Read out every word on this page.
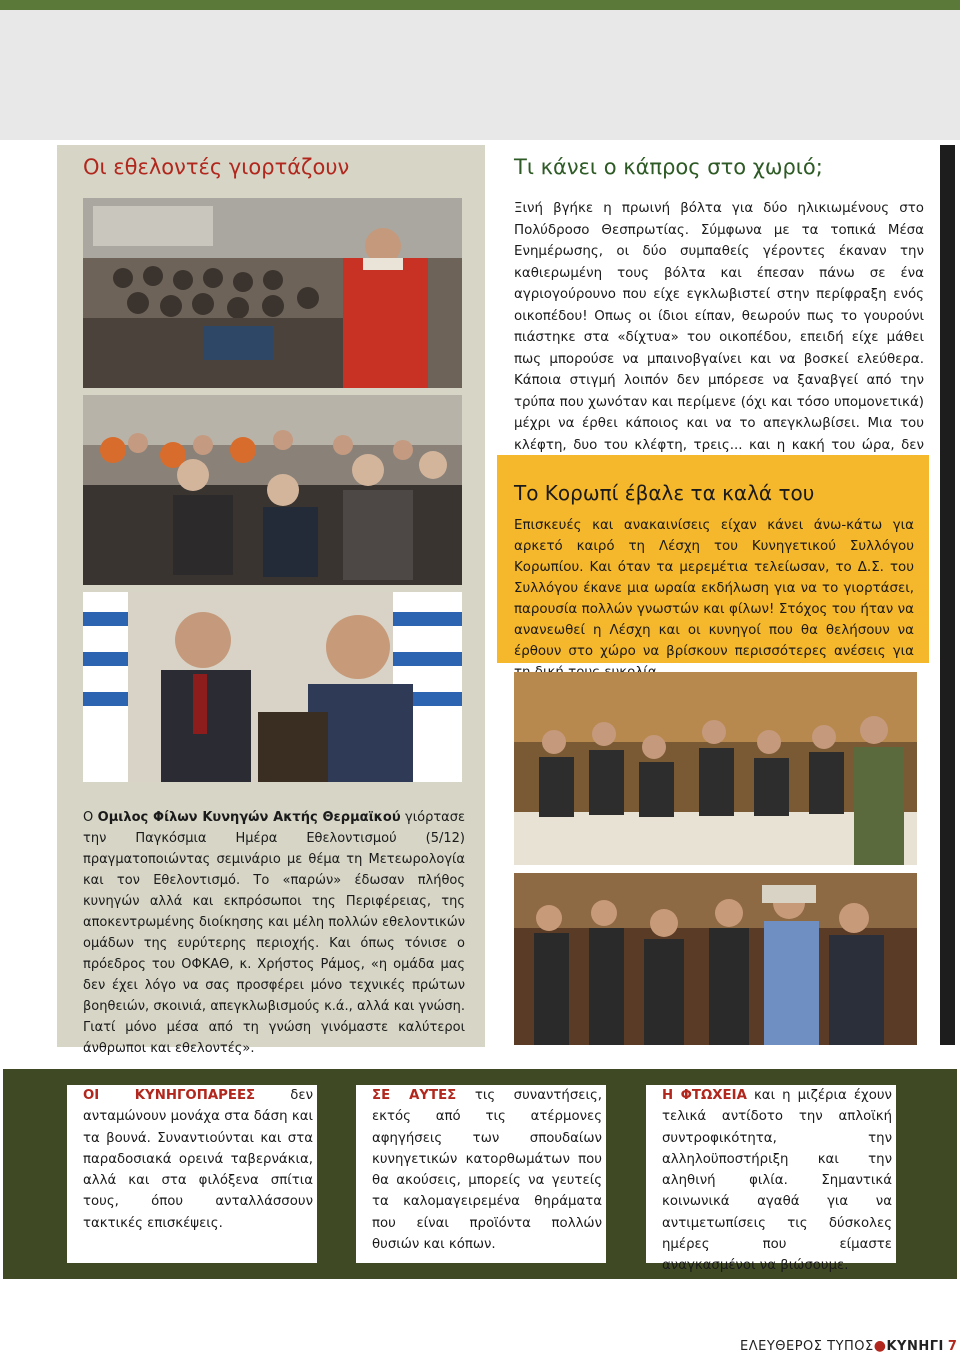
Οι εθελοντές γιορτάζουν
Ο Ομιλος Φίλων Κυνηγών Ακτής Θερμαϊκού γιόρτασε την Παγκόσμια Ημέρα Εθελοντισμού (5/12) πραγματοποιώντας σεμινάριο με θέμα τη Μετεωρολογία και τον Εθελοντισμό. Το «παρών» έδωσαν πλήθος κυνηγών αλλά και εκπρόσωποι της Περιφέρειας, της αποκεντρωμένης διοίκησης και μέλη πολλών εθελοντικών ομάδων της ευρύτερης περιοχής. Και όπως τόνισε ο πρόεδρος του ΟΦΚΑΘ, κ. Χρήστος Ράμος, «η ομάδα μας δεν έχει λόγο να σας προσφέρει μόνο τεχνικές πρώτων βοηθειών, σκοινιά, απεγκλωβισμούς κ.ά., αλλά και γνώση. Γιατί μόνο μέσα από τη γνώση γινόμαστε καλύτεροι άνθρωποι και εθελοντές».
Τι κάνει ο κάπρος στο χωριό;
Ξινή βγήκε η πρωινή βόλτα για δύο ηλικιωμένους στο Πολύδροσο Θεσπρωτίας. Σύμφωνα με τα τοπικά Μέσα Ενημέρωσης, οι δύο συμπαθείς γέροντες έκαναν την καθιερωμένη τους βόλτα και έπεσαν πάνω σε ένα αγριογούρουνο που είχε εγκλωβιστεί στην περίφραξη ενός οικοπέδου! Οπως οι ίδιοι είπαν, θεωρούν πως το γουρούνι πιάστηκε στα «δίχτυα» του οικοπέδου, επειδή είχε μάθει πως μπορούσε να μπαινοβγαίνει και να βοσκεί ελεύθερα. Κάποια στιγμή λοιπόν δεν μπόρεσε να ξαναβγεί από την τρύπα που χωνόταν και περίμενε (όχι και τόσο υπομονετικά) μέχρι να έρθει κάποιος και να το απεγκλωβίσει. Μια του κλέφτη, δυο του κλέφτη, τρεις... και η κακή του ώρα, δεν
Το Κορωπί έβαλε τα καλά του
Επισκευές και ανακαινίσεις είχαν κάνει άνω-κάτω για αρκετό καιρό τη Λέσχη του Κυνηγετικού Συλλόγου Κορωπίου. Και όταν τα μερεμέτια τελείωσαν, το Δ.Σ. του Συλλόγου έκανε μια ωραία εκδήλωση για να το γιορτάσει, παρουσία πολλών γνωστών και φίλων! Στόχος του ήταν να ανανεωθεί η Λέσχη και οι κυνηγοί που θα θελήσουν να έρθουν στο χώρο να βρίσκουν περισσότερες ανέσεις για
ΟΙ ΚΥΝΗΓΟΠΑΡΕΕΣ δεν ανταμώνουν μονάχα στα δάση και τα βουνά. Συναντιούνται και στα παραδοσιακά ορεινά ταβερνάκια, αλλά και στα φιλόξενα σπίτια τους, όπου ανταλλάσσουν τακτικές επισκέψεις.
ΣΕ ΑΥΤΕΣ τις συναντήσεις, εκτός από τις ατέρμονες αφηγήσεις των σπουδαίων κυνηγετικών κατορθωμάτων που θα ακούσεις, μπορείς να γευτείς τα καλομαγειρεμένα θηράματα που είναι προϊόντα πολλών θυσιών και κόπων.
Η ΦΤΩΧΕΙΑ και η μιζέρια έχουν τελικά αντίδοτο την απλοϊκή συντροφικότητα, την αλληλοϋποστήριξη και την αληθινή φιλία. Σημαντικά κοινωνικά αγαθά για να αντιμετωπίσεις τις δύσκολες ημέρες που είμαστε αναγκασμένοι να βιώσουμε.
ΕΛΕΥΘΕΡΟΣ ΤΥΠΟΣ●ΚΥΝΗΓΙ 7
